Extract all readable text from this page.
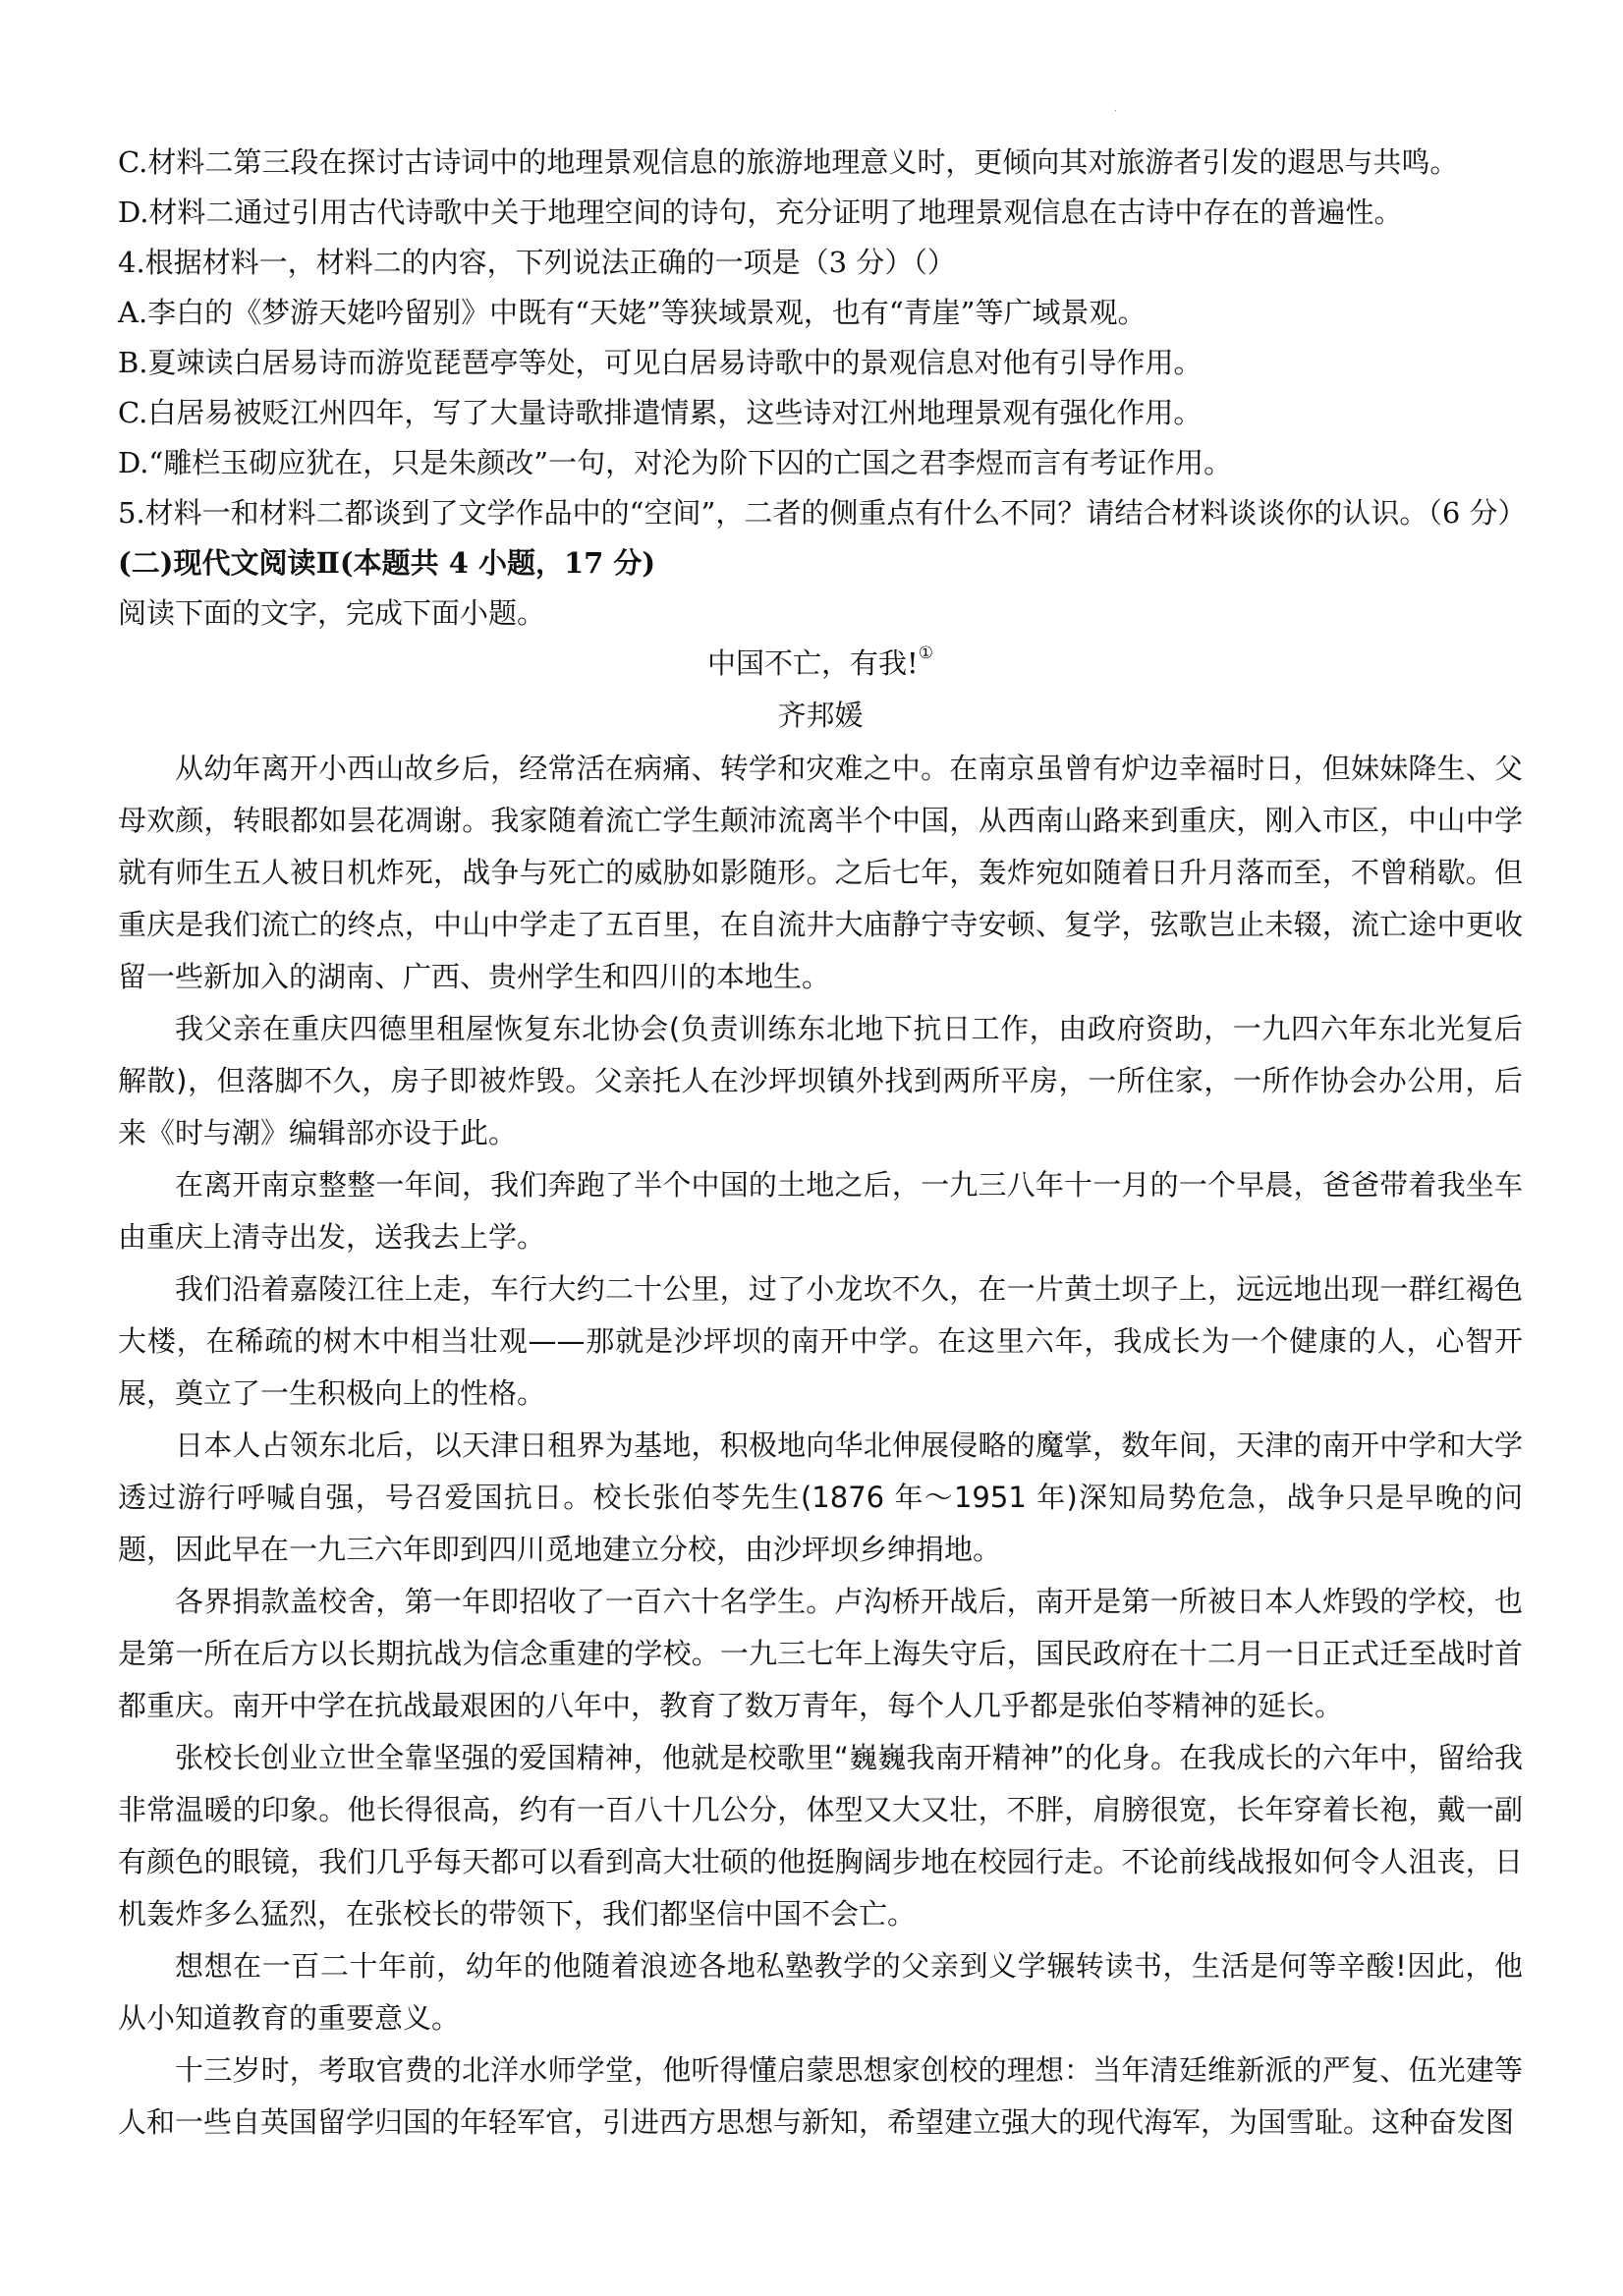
·

C.材料二第三段在探讨古诗词中的地理景观信息的旅游地理意义时，更倾向其对旅游者引发的遐思与共鸣。

D.材料二通过引用古代诗歌中关于地理空间的诗句，充分证明了地理景观信息在古诗中存在的普遍性。

4.根据材料一，材料二的内容，下列说法正确的一项是（3 分）（）

A.李白的《梦游天姥吟留别》中既有“天姥”等狭域景观，也有“青崖”等广域景观。

B.夏竦读白居易诗而游览琵琶亭等处，可见白居易诗歌中的景观信息对他有引导作用。

C.白居易被贬江州四年，写了大量诗歌排遣情累，这些诗对江州地理景观有强化作用。

D.“雕栏玉砌应犹在，只是朱颜改”一句，对沦为阶下囚的亡国之君李煜而言有考证作用。

5.材料一和材料二都谈到了文学作品中的“空间”，二者的侧重点有什么不同？请结合材料谈谈你的认识。（6 分）

(二)现代文阅读Ⅱ(本题共 4 小题，17 分)

阅读下面的文字，完成下面小题。

中国不亡，有我!①

齐邦媛

从幼年离开小西山故乡后，经常活在病痛、转学和灾难之中。在南京虽曾有炉边幸福时日，但妹妹降生、父母欢颜，转眼都如昙花凋谢。我家随着流亡学生颠沛流离半个中国，从西南山路来到重庆，刚入市区，中山中学就有师生五人被日机炸死，战争与死亡的威胁如影随形。之后七年，轰炸宛如随着日升月落而至，不曾稍歇。但重庆是我们流亡的终点，中山中学走了五百里，在自流井大庙静宁寺安顿、复学，弦歌岂止未辍，流亡途中更收留一些新加入的湖南、广西、贵州学生和四川的本地生。

我父亲在重庆四德里租屋恢复东北协会(负责训练东北地下抗日工作，由政府资助，一九四六年东北光复后解散)，但落脚不久，房子即被炸毁。父亲托人在沙坪坝镇外找到两所平房，一所住家，一所作协会办公用，后来《时与潮》编辑部亦设于此。

在离开南京整整一年间，我们奔跑了半个中国的土地之后，一九三八年十一月的一个早晨，爸爸带着我坐车由重庆上清寺出发，送我去上学。

我们沿着嘉陵江往上走，车行大约二十公里，过了小龙坎不久，在一片黄土坝子上，远远地出现一群红褐色大楼，在稀疏的树木中相当壮观——那就是沙坪坝的南开中学。在这里六年，我成长为一个健康的人，心智开展，奠立了一生积极向上的性格。

日本人占领东北后，以天津日租界为基地，积极地向华北伸展侵略的魔掌，数年间，天津的南开中学和大学透过游行呼喊自强，号召爱国抗日。校长张伯苓先生(1876 年～1951 年)深知局势危急，战争只是早晚的问题，因此早在一九三六年即到四川觅地建立分校，由沙坪坝乡绅捐地。

各界捐款盖校舍，第一年即招收了一百六十名学生。卢沟桥开战后，南开是第一所被日本人炸毁的学校，也是第一所在后方以长期抗战为信念重建的学校。一九三七年上海失守后，国民政府在十二月一日正式迁至战时首都重庆。南开中学在抗战最艰困的八年中，教育了数万青年，每个人几乎都是张伯苓精神的延长。

张校长创业立世全靠坚强的爱国精神，他就是校歌里“巍巍我南开精神”的化身。在我成长的六年中，留给我非常温暖的印象。他长得很高，约有一百八十几公分，体型又大又壮，不胖，肩膀很宽，长年穿着长袍，戴一副有颜色的眼镜，我们几乎每天都可以看到高大壮硕的他挺胸阔步地在校园行走。不论前线战报如何令人沮丧，日机轰炸多么猛烈，在张校长的带领下，我们都坚信中国不会亡。

想想在一百二十年前，幼年的他随着浪迹各地私塾教学的父亲到义学辗转读书，生活是何等辛酸!因此，他从小知道教育的重要意义。

十三岁时，考取官费的北洋水师学堂，他听得懂启蒙思想家创校的理想：当年清廷维新派的严复、伍光建等人和一些自英国留学归国的年轻军官，引进西方思想与新知，希望建立强大的现代海军，为国雪耻。这种奋发图
